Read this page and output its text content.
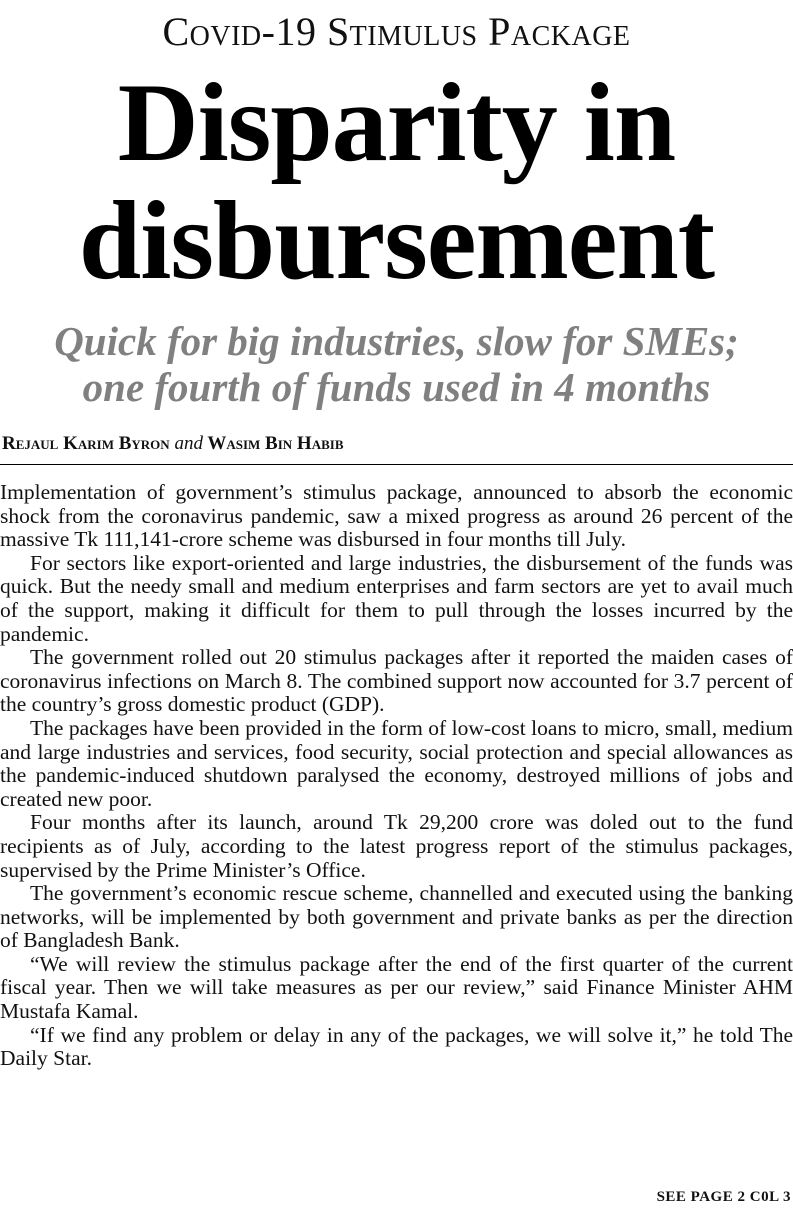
Covid-19 Stimulus Package
Disparity in
disbursement
Quick for big industries, slow for SMEs;
one fourth of funds used in 4 months
Rejaul Karim Byron and Wasim Bin Habib

Implementation of government’s stimulus package, announced to absorb the economic shock from the coronavirus pandemic, saw a mixed progress as around 26 percent of the massive Tk 111,141-crore scheme was disbursed in four months till July.

For sectors like export-oriented and large industries, the disbursement of the funds was quick. But the needy small and medium enterprises and farm sectors are yet to avail much of the support, making it difficult for them to pull through the losses incurred by the pandemic.

The government rolled out 20 stimulus packages after it reported the maiden cases of coronavirus infections on March 8. The combined support now accounted for 3.7 percent of the country’s gross domestic product (GDP).

The packages have been provided in the form of low-cost loans to micro, small, medium and large industries and services, food security, social protection and special allowances as the pandemic-induced shutdown paralysed the economy, destroyed millions of jobs and created new poor.

Four months after its launch, around Tk 29,200 crore was doled out to the fund recipients as of July, according to the latest progress report of the stimulus packages, supervised by the Prime Minister’s Office.

The government’s economic rescue scheme, channelled and executed using the banking networks, will be implemented by both government and private banks as per the direction of Bangladesh Bank.

“We will review the stimulus package after the end of the first quarter of the current fiscal year. Then we will take measures as per our review,” said Finance Minister AHM Mustafa Kamal.

“If we find any problem or delay in any of the packages, we will solve it,” he told The Daily Star.

SEE PAGE 2 C0L 3
